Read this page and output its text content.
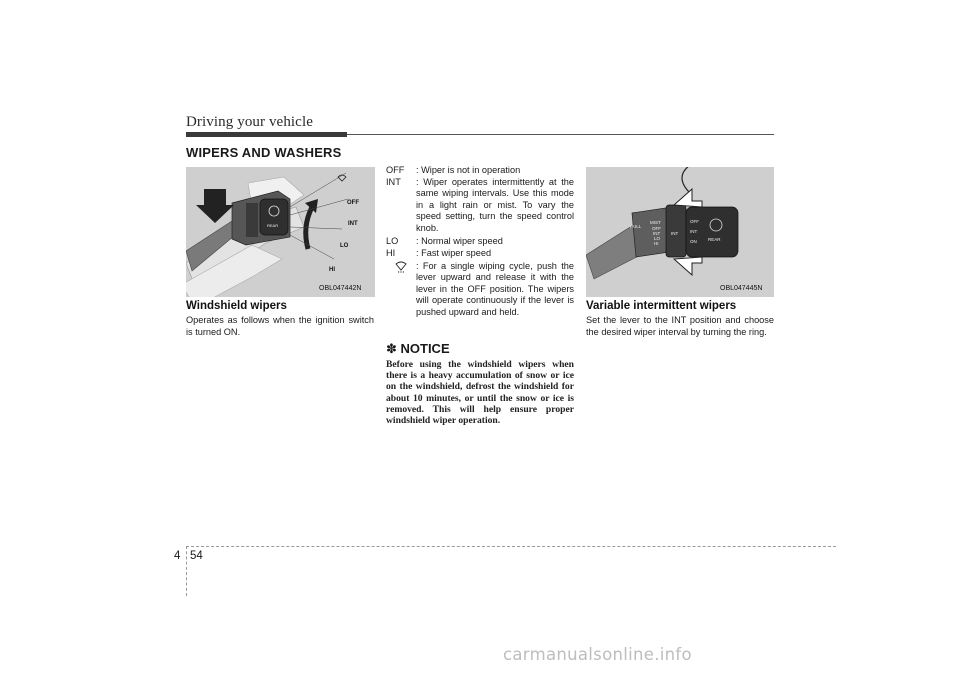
Driving your vehicle
WIPERS AND WASHERS
REAR
OFF
INT
LO
HI
OBL047442N
Windshield wipers
Operates as follows when the ignition switch is turned ON.
OFF : Wiper is not in operation
INT : Wiper operates intermittently at the same wiping intervals. Use this mode in a light rain or mist. To vary the speed setting, turn the speed control knob.
LO : Normal wiper speed
HI : Fast wiper speed
: For a single wiping cycle, push the lever upward and release it with the lever in the OFF position. The wipers will operate continuously if the lever is pushed upward and held.
✽ NOTICE
Before using the windshield wipers when there is a heavy accumulation of snow or ice on the windshield, defrost the windshield for about 10 minutes, or until the snow or ice is removed. This will help ensure proper windshield wiper operation.
MIST
OFF
INT
LO
HI
PULL
INT
OFF
INT
ON	REAR
OBL047445N
Variable intermittent wipers
Set the lever to the INT position and choose the desired wiper interval by turning the ring.
4 54
carmanualsonline.info
